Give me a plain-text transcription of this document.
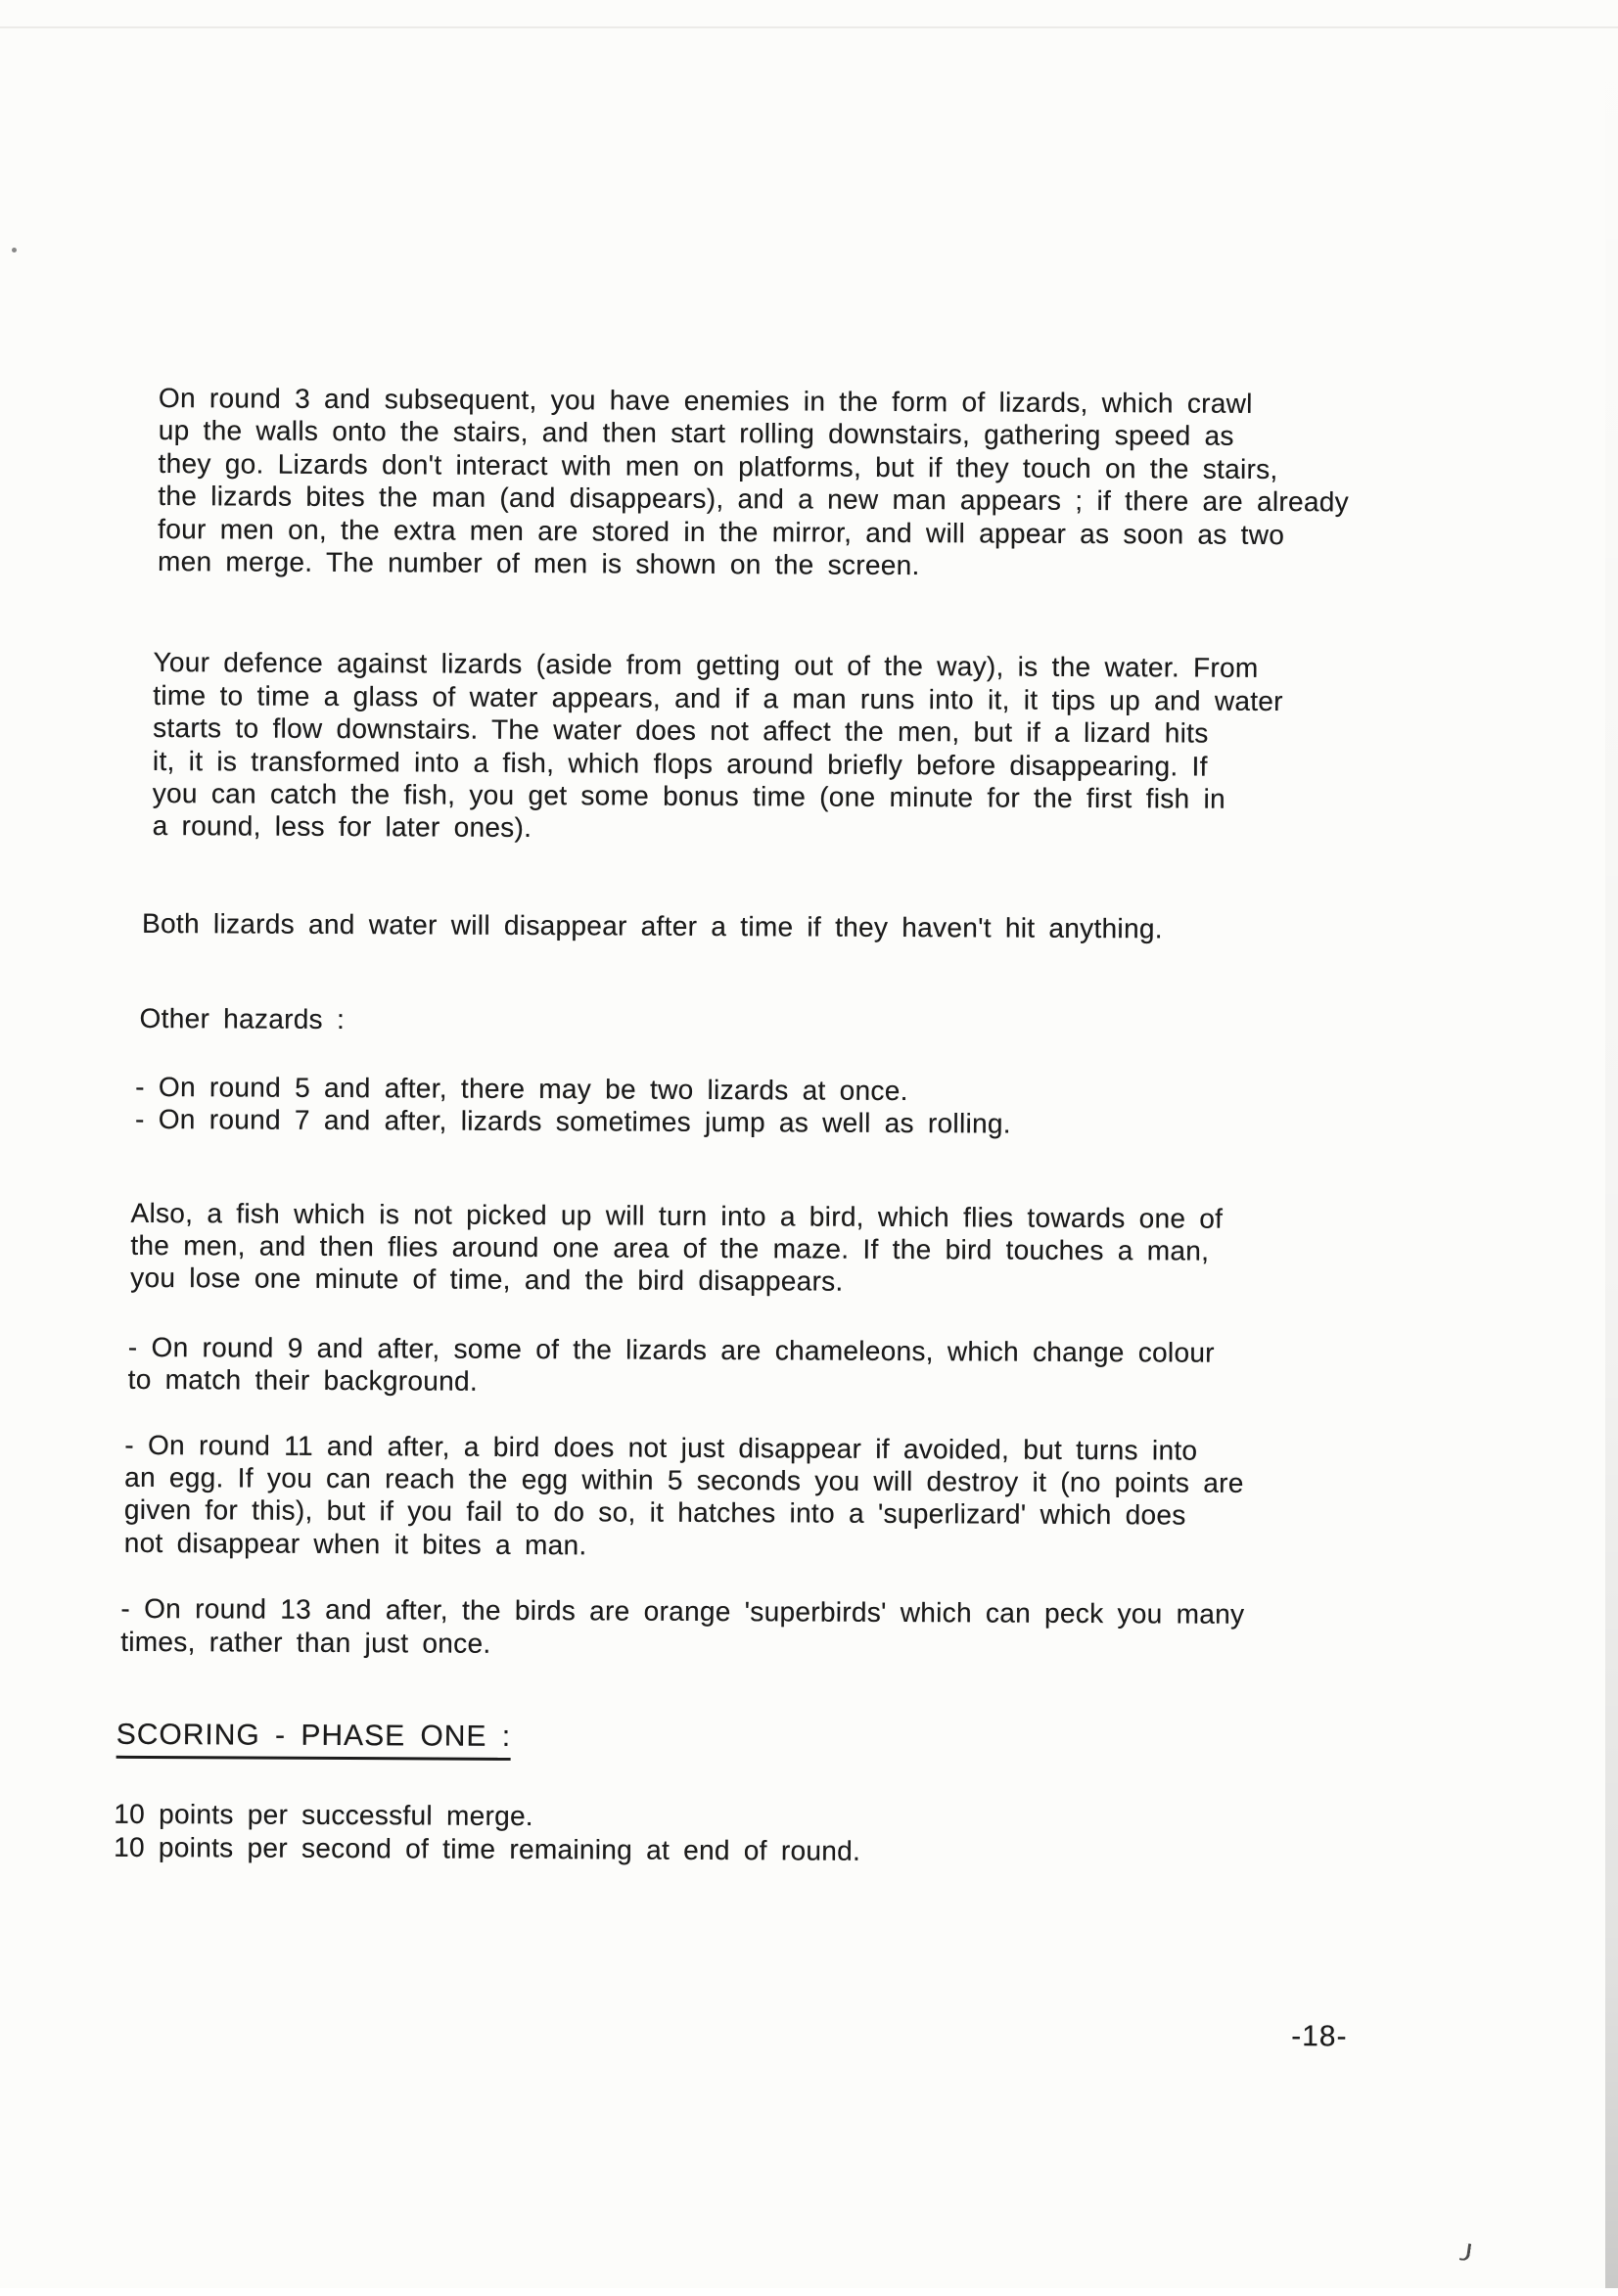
On round 3 and subsequent, you have enemies in the form of lizards, which crawl
up the walls onto the stairs, and then start rolling downstairs, gathering speed as
they go. Lizards don't interact with men on platforms, but if they touch on the stairs,
the lizards bites the man (and disappears), and a new man appears ; if there are already
four men on, the extra men are stored in the mirror, and will appear as soon as two
men merge. The number of men is shown on the screen.
Your defence against lizards (aside from getting out of the way), is the water. From
time to time a glass of water appears, and if a man runs into it, it tips up and water
starts to flow downstairs. The water does not affect the men, but if a lizard hits
it, it is transformed into a fish, which flops around briefly before disappearing. If
you can catch the fish, you get some bonus time (one minute for the first fish in
a round, less for later ones).
Both lizards and water will disappear after a time if they haven't hit anything.
Other hazards :
- On round 5 and after, there may be two lizards at once.
- On round 7 and after, lizards sometimes jump as well as rolling.
Also, a fish which is not picked up will turn into a bird, which flies towards one of
the men, and then flies around one area of the maze. If the bird touches a man,
you lose one minute of time, and the bird disappears.
- On round 9 and after, some of the lizards are chameleons, which change colour
to match their background.
- On round 11 and after, a bird does not just disappear if avoided, but turns into
an egg. If you can reach the egg within 5 seconds you will destroy it (no points are
given for this), but if you fail to do so, it hatches into a 'superlizard' which does
not disappear when it bites a man.
- On round 13 and after, the birds are orange 'superbirds' which can peck you many
times, rather than just once.
SCORING - PHASE ONE :
10 points per successful merge.
10 points per second of time remaining at end of round.
-18-
